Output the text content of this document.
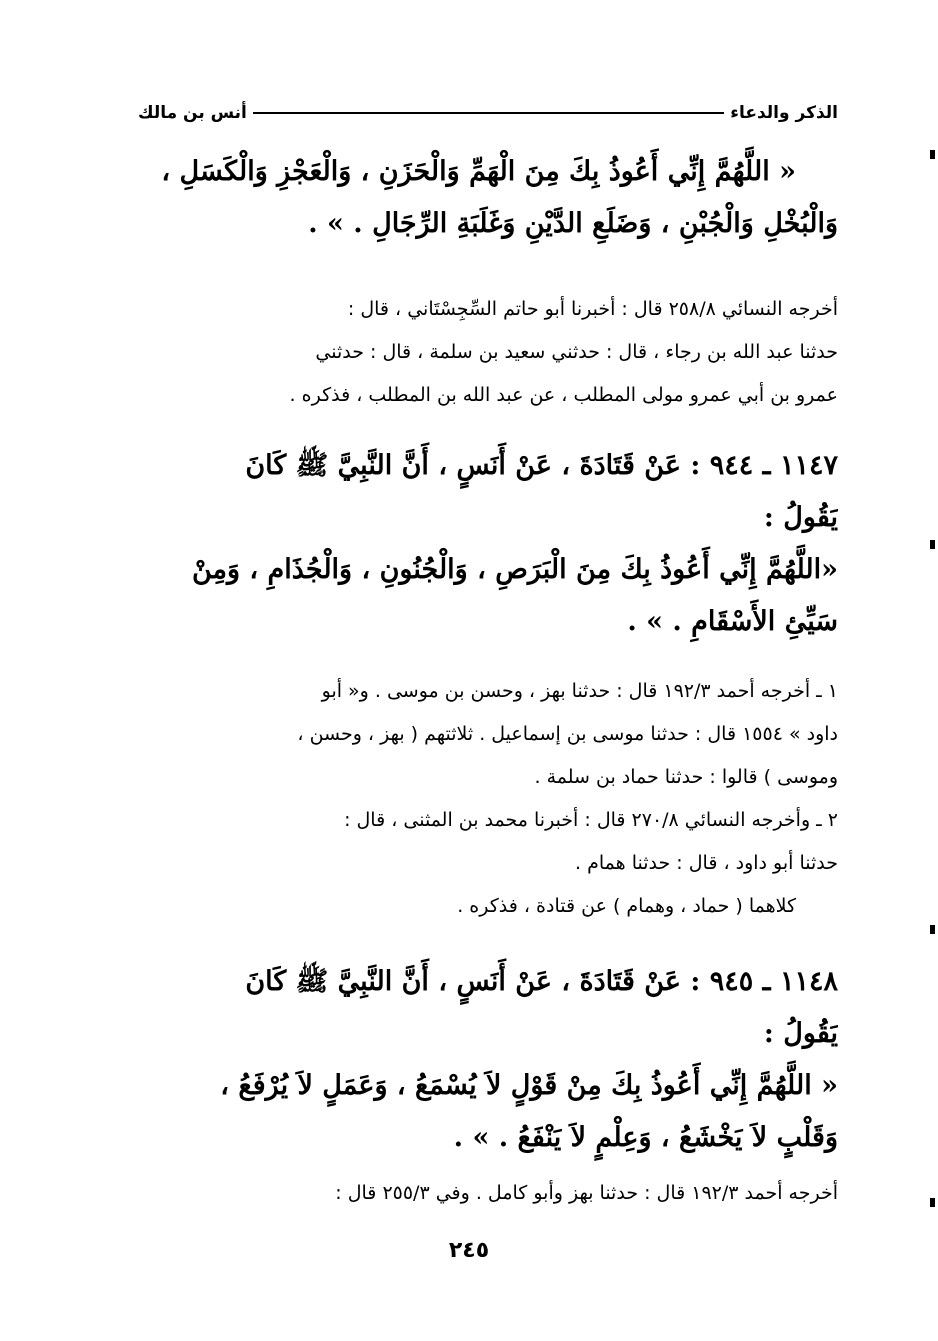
الذكر والدعاء
أنس بن مالك
« اللَّهُمَّ إِنِّي أَعُوذُ بِكَ مِنَ الْهَمِّ وَالْحَزَنِ ، وَالْعَجْزِ وَالْكَسَلِ ،
وَالْبُخْلِ وَالْجُبْنِ ، وَضَلَعِ الدَّيْنِ وَغَلَبَةِ الرِّجَالِ . » .
أخرجه النسائي ٢٥٨/٨ قال : أخبرنا أبو حاتم السِّجِسْتَاني ، قال :
حدثنا عبد الله بن رجاء ، قال : حدثني سعيد بن سلمة ، قال : حدثني
عمرو بن أبي عمرو مولى المطلب ، عن عبد الله بن المطلب ، فذكره .
١١٤٧ ـ ٩٤٤ : عَنْ قَتَادَةَ ، عَنْ أَنَسٍ ، أَنَّ النَّبِيَّ ﷺ كَانَ
يَقُولُ :
«اللَّهُمَّ إِنِّي أَعُوذُ بِكَ مِنَ الْبَرَصِ ، وَالْجُنُونِ ، وَالْجُذَامِ ، وَمِنْ
سَيِّئِ الأَسْقَامِ . » .
١ ـ أخرجه أحمد ١٩٢/٣ قال : حدثنا بهز ، وحسن بن موسى . و« أبو
داود » ١٥٥٤ قال : حدثنا موسى بن إسماعيل . ثلاثتهم ( بهز ، وحسن ،
وموسى ) قالوا : حدثنا حماد بن سلمة .
٢ ـ وأخرجه النسائي ٢٧٠/٨ قال : أخبرنا محمد بن المثنى ، قال :
حدثنا أبو داود ، قال : حدثنا همام .
كلاهما ( حماد ، وهمام ) عن قتادة ، فذكره .
١١٤٨ ـ ٩٤٥ : عَنْ قَتَادَةَ ، عَنْ أَنَسٍ ، أَنَّ النَّبِيَّ ﷺ كَانَ
يَقُولُ :
« اللَّهُمَّ إِنِّي أَعُوذُ بِكَ مِنْ قَوْلٍ لاَ يُسْمَعُ ، وَعَمَلٍ لاَ يُرْفَعُ ،
وَقَلْبٍ لاَ يَخْشَعُ ، وَعِلْمٍ لاَ يَنْفَعُ . » .
أخرجه أحمد ١٩٢/٣ قال : حدثنا بهز وأبو كامل . وفي ٢٥٥/٣ قال :
٢٤٥
